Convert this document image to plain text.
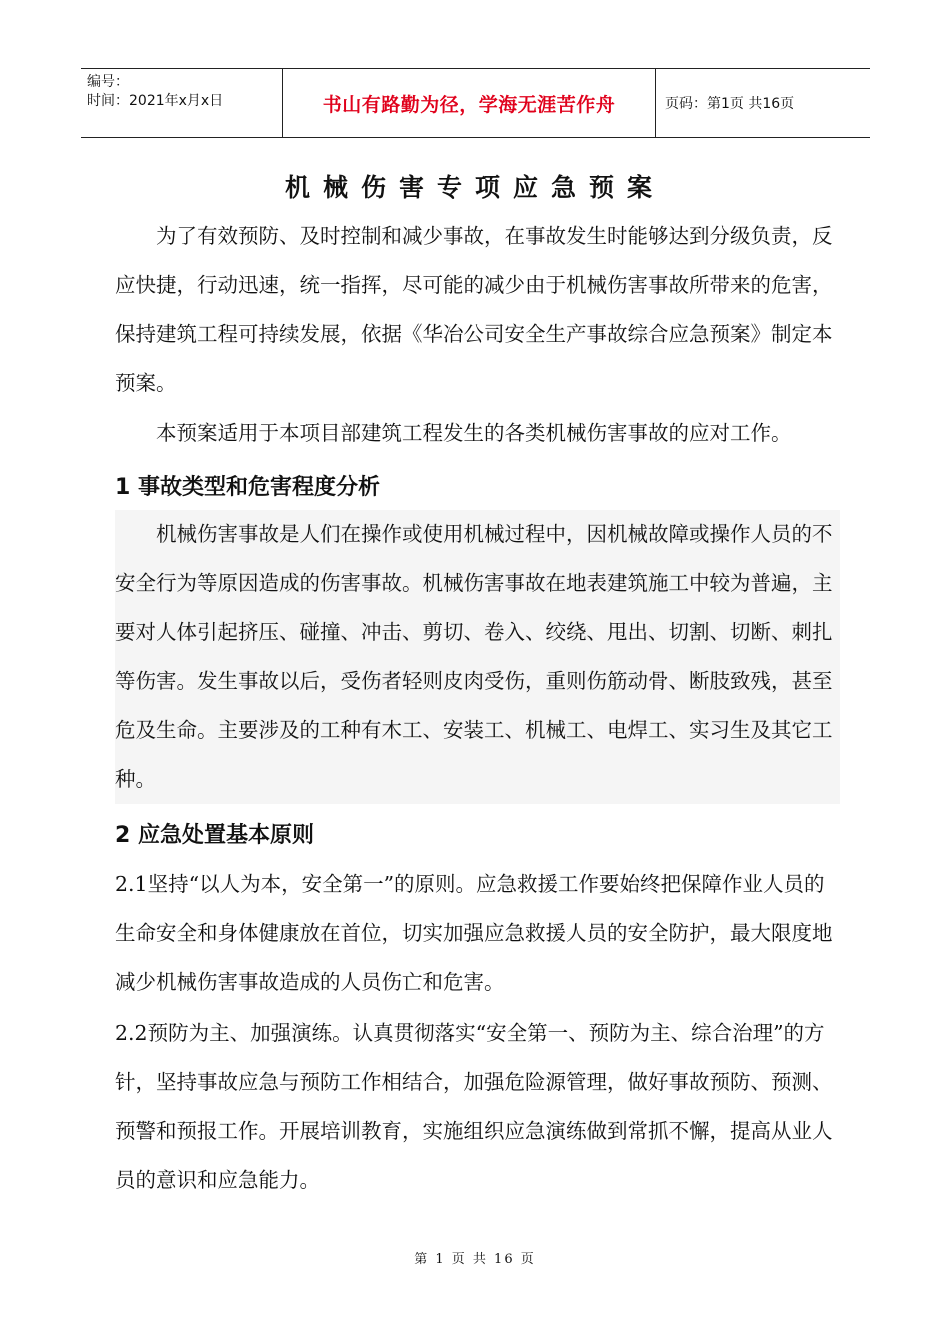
编号：
时间：2021年x月x日	书山有路勤为径，学海无涯苦作舟	页码：第1页 共16页
机械伤害专项应急预案
为了有效预防、及时控制和减少事故，在事故发生时能够达到分级负责，反应快捷，行动迅速，统一指挥，尽可能的减少由于机械伤害事故所带来的危害，保持建筑工程可持续发展，依据《华冶公司安全生产事故综合应急预案》制定本预案。
本预案适用于本项目部建筑工程发生的各类机械伤害事故的应对工作。
1 事故类型和危害程度分析
机械伤害事故是人们在操作或使用机械过程中，因机械故障或操作人员的不安全行为等原因造成的伤害事故。机械伤害事故在地表建筑施工中较为普遍，主要对人体引起挤压、碰撞、冲击、剪切、卷入、绞绕、甩出、切割、切断、刺扎等伤害。发生事故以后，受伤者轻则皮肉受伤，重则伤筋动骨、断肢致残，甚至危及生命。主要涉及的工种有木工、安装工、机械工、电焊工、实习生及其它工种。
2 应急处置基本原则
2.1坚持“以人为本，安全第一”的原则。应急救援工作要始终把保障作业人员的生命安全和身体健康放在首位，切实加强应急救援人员的安全防护，最大限度地减少机械伤害事故造成的人员伤亡和危害。
2.2预防为主、加强演练。认真贯彻落实“安全第一、预防为主、综合治理”的方针，坚持事故应急与预防工作相结合，加强危险源管理，做好事故预防、预测、预警和预报工作。开展培训教育，实施组织应急演练做到常抓不懈，提高从业人员的意识和应急能力。
第 1 页 共 16 页
